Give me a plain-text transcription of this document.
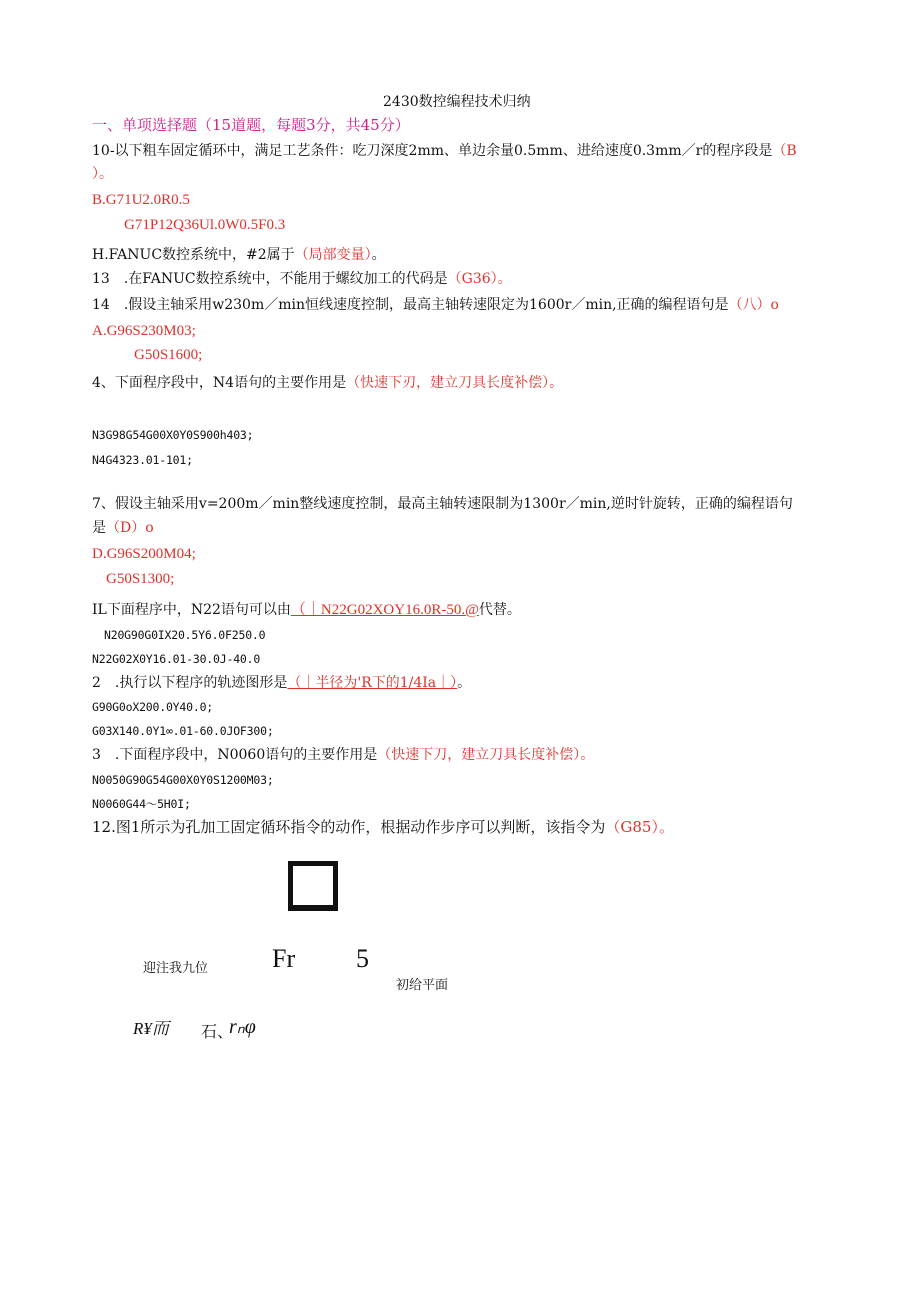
2430数控编程技术归纳
一、单项选择题（15道题，每题3分，共45分）
10-以下粗车固定循环中，满足工艺条件：吃刀深度2mm、单边余量0.5mm、进给速度0.3mm／r的程序段是（B
）。
B.G71U2.0R0.5
G71P12Q36Ul.0W0.5F0.3
H.FANUC数控系统中，#2属于（局部变量）。
13　.在FANUC数控系统中，不能用于螺纹加工的代码是（G36）。
14　.假设主轴采用w230m／min恒线速度控制，最高主轴转速限定为1600r／min,正确的编程语句是（八）o
A.G96S230M03;
G50S1600;
4、下面程序段中，N4语句的主要作用是（快速下刃，建立刀具长度补偿）。
N3G98G54G00X0Y0S900h403;
N4G4323.01-101;
7、假设主轴采用v=200m／min整线速度控制，最高主轴转速限制为1300r／min,逆时针旋转，正确的编程语句
是（D）o
D.G96S200M04;
G50S1300;
IL下面程序中，N22语句可以由（｜N22G02XOY16.0R-50.@代替。
N20G90G0IX20.5Y6.0F250.0
N22G02X0Y16.01-30.0J-40.0
2　.执行以下程序的轨迹图形是（｜半径为'R下的1/4Ia｜）。
G90G0oX200.0Y40.0;
G03X140.0Y1∞.01-60.0JOF300;
3　.下面程序段中，N0060语句的主要作用是（快速下刀，建立刀具长度补偿）。
N0050G90G54G00X0Y0S1200M03;
N0060G44～5H0I;
12.图1所示为孔加工固定循环指令的动作，根据动作步序可以判断，该指令为（G85）。
迎注我九位 Fr 5
初给平面
R¥而 石、
rₙφ
